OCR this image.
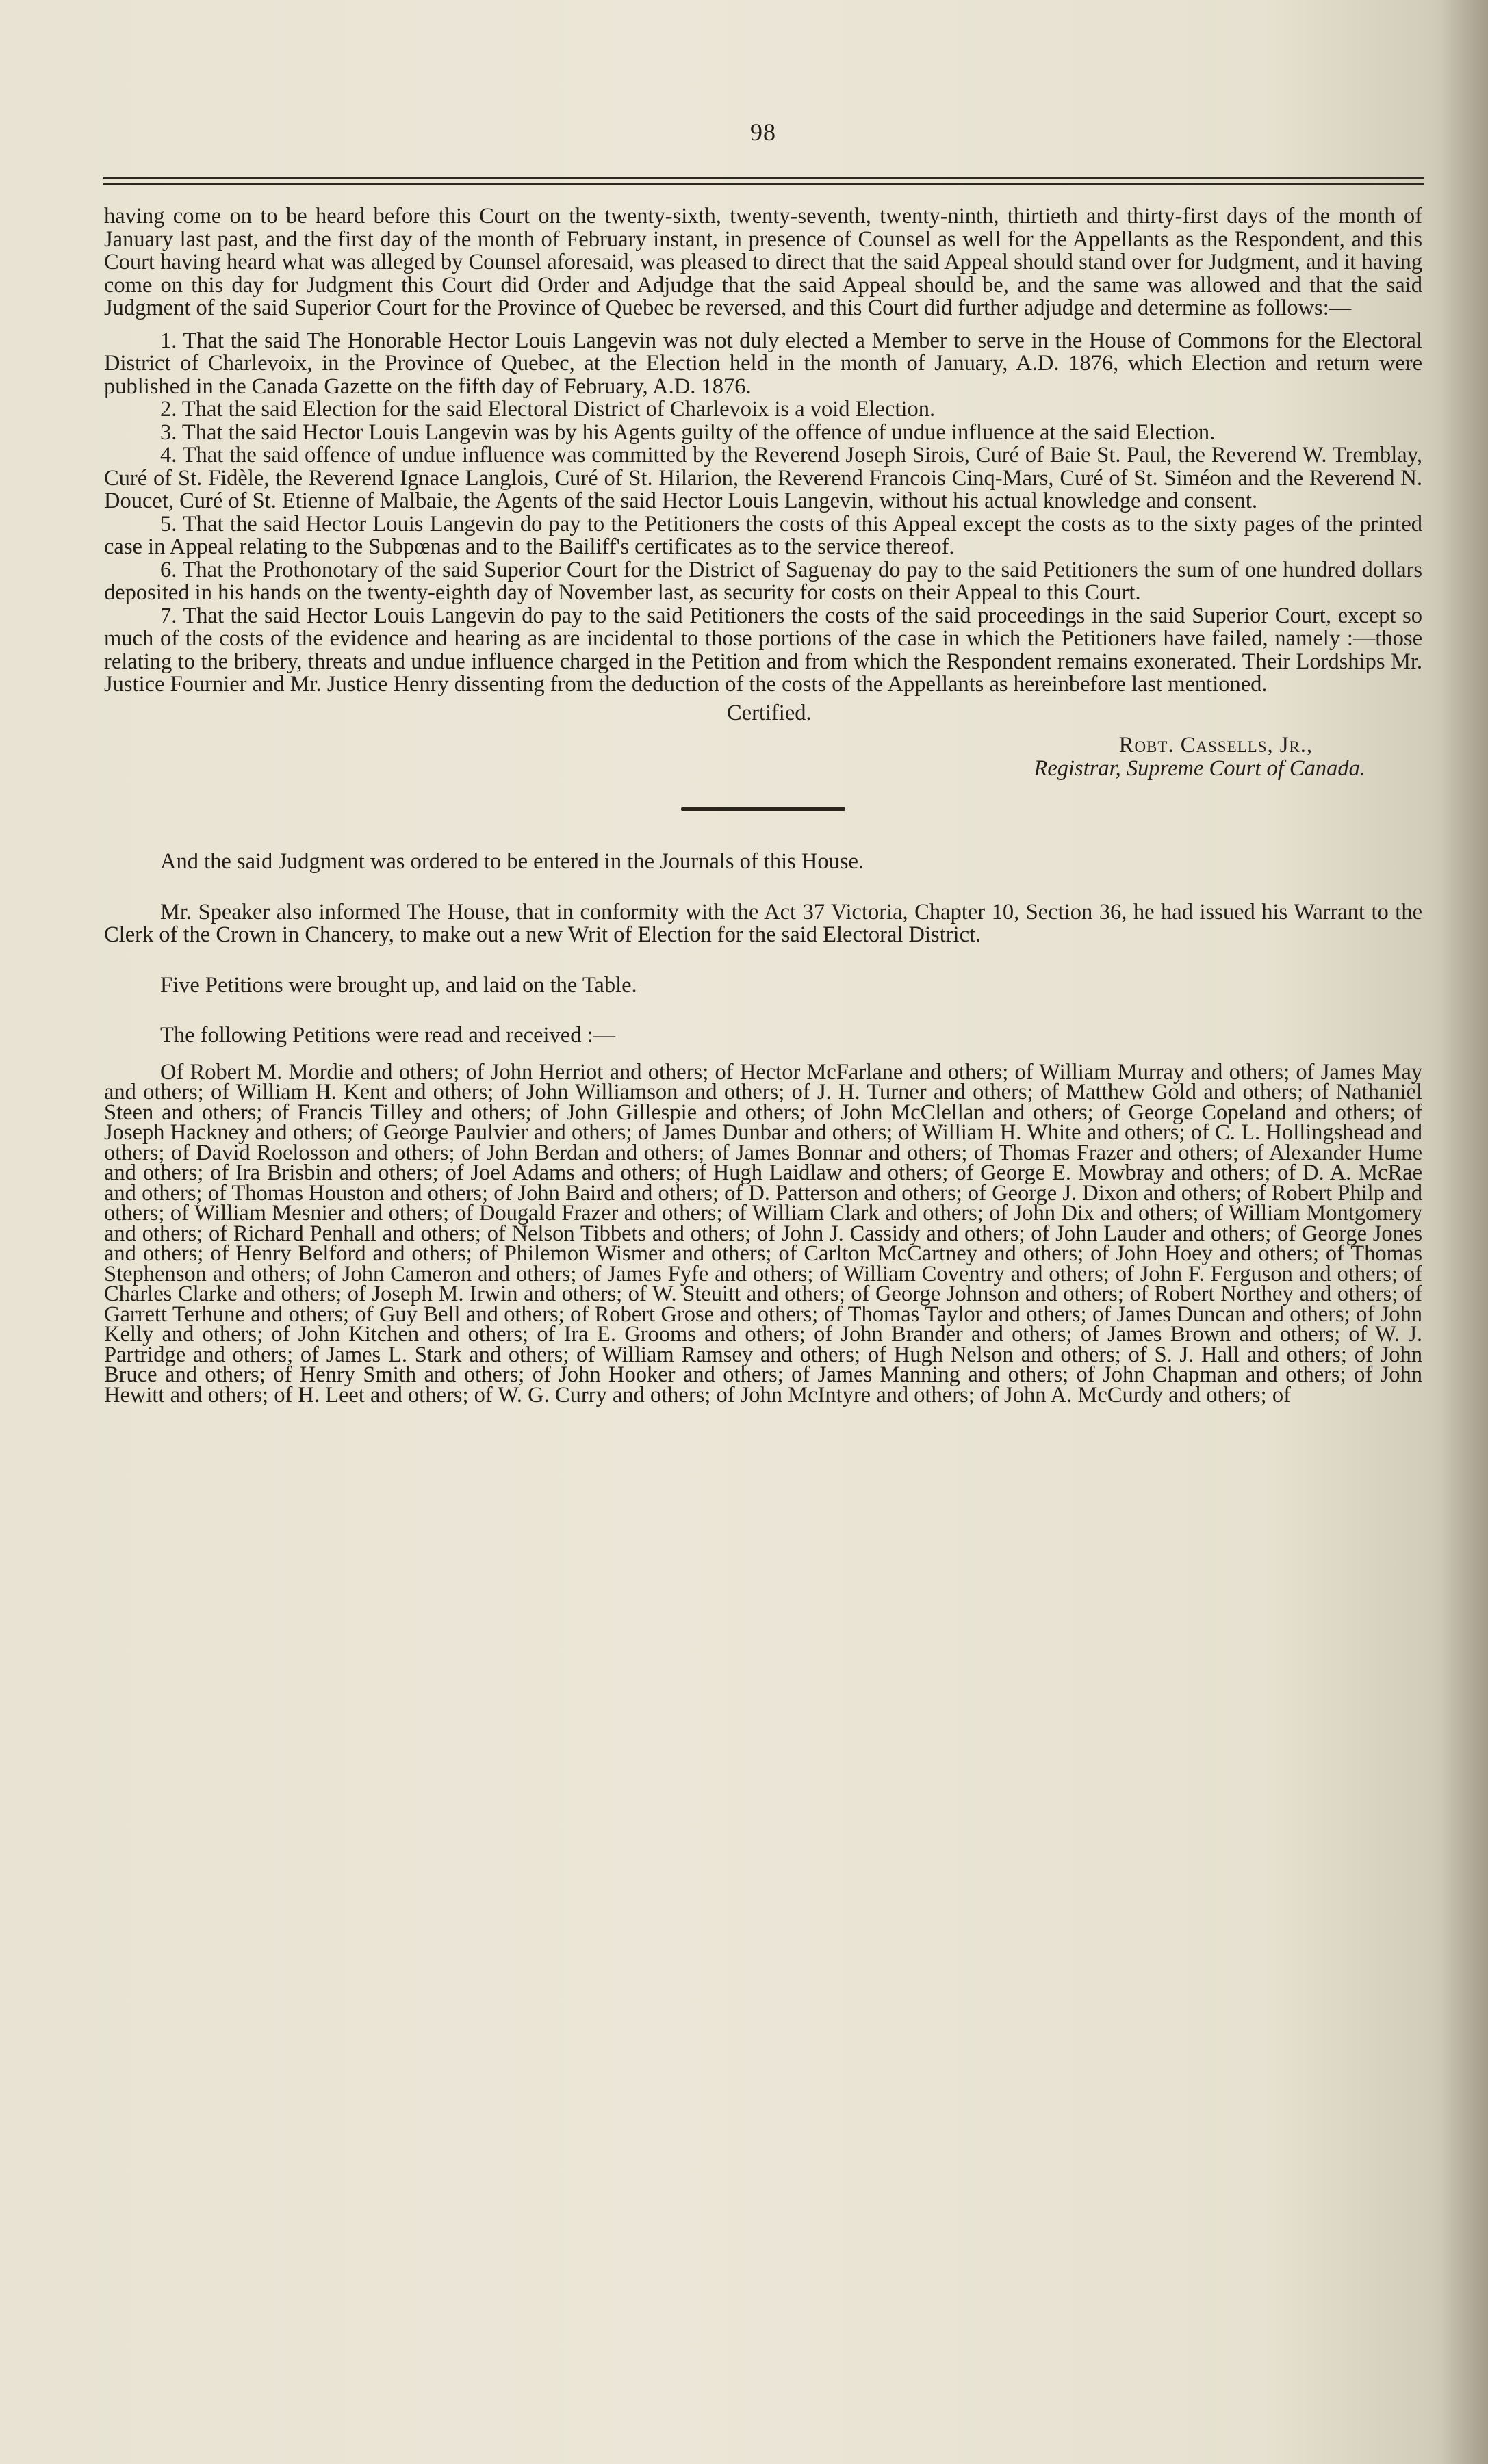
98

having come on to be heard before this Court on the twenty-sixth, twenty-seventh, twenty-ninth, thirtieth and thirty-first days of the month of January last past, and the first day of the month of February instant, in presence of Counsel as well for the Appellants as the Respondent, and this Court having heard what was alleged by Counsel aforesaid, was pleased to direct that the said Appeal should stand over for Judgment, and it having come on this day for Judgment this Court did Order and Adjudge that the said Appeal should be, and the same was allowed and that the said Judgment of the said Superior Court for the Province of Quebec be reversed, and this Court did further adjudge and determine as follows:—

1. That the said The Honorable Hector Louis Langevin was not duly elected a Member to serve in the House of Commons for the Electoral District of Charlevoix, in the Province of Quebec, at the Election held in the month of January, A.D. 1876, which Election and return were published in the Canada Gazette on the fifth day of February, A.D. 1876.

2. That the said Election for the said Electoral District of Charlevoix is a void Election.

3. That the said Hector Louis Langevin was by his Agents guilty of the offence of undue influence at the said Election.

4. That the said offence of undue influence was committed by the Reverend Joseph Sirois, Curé of Baie St. Paul, the Reverend W. Tremblay, Curé of St. Fidèle, the Reverend Ignace Langlois, Curé of St. Hilarion, the Reverend Francois Cinq-Mars, Curé of St. Siméon and the Reverend N. Doucet, Curé of St. Etienne of Malbaie, the Agents of the said Hector Louis Langevin, without his actual knowledge and consent.

5. That the said Hector Louis Langevin do pay to the Petitioners the costs of this Appeal except the costs as to the sixty pages of the printed case in Appeal relating to the Subpœnas and to the Bailiff's certificates as to the service thereof.

6. That the Prothonotary of the said Superior Court for the District of Saguenay do pay to the said Petitioners the sum of one hundred dollars deposited in his hands on the twenty-eighth day of November last, as security for costs on their Appeal to this Court.

7. That the said Hector Louis Langevin do pay to the said Petitioners the costs of the said proceedings in the said Superior Court, except so much of the costs of the evidence and hearing as are incidental to those portions of the case in which the Petitioners have failed, namely :—those relating to the bribery, threats and undue influence charged in the Petition and from which the Respondent remains exonerated. Their Lordships Mr. Justice Fournier and Mr. Justice Henry dissenting from the deduction of the costs of the Appellants as hereinbefore last mentioned.

Certified.

Robt. Cassells, Jr.,

Registrar, Supreme Court of Canada.

And the said Judgment was ordered to be entered in the Journals of this House.

Mr. Speaker also informed The House, that in conformity with the Act 37 Victoria, Chapter 10, Section 36, he had issued his Warrant to the Clerk of the Crown in Chancery, to make out a new Writ of Election for the said Electoral District.

Five Petitions were brought up, and laid on the Table.

The following Petitions were read and received :—

Of Robert M. Mordie and others; of John Herriot and others; of Hector McFarlane and others; of William Murray and others; of James May and others; of William H. Kent and others; of John Williamson and others; of J. H. Turner and others; of Matthew Gold and others; of Nathaniel Steen and others; of Francis Tilley and others; of John Gillespie and others; of John McClellan and others; of George Copeland and others; of Joseph Hackney and others; of George Paulvier and others; of James Dunbar and others; of William H. White and others; of C. L. Hollingshead and others; of David Roelosson and others; of John Berdan and others; of James Bonnar and others; of Thomas Frazer and others; of Alexander Hume and others; of Ira Brisbin and others; of Joel Adams and others; of Hugh Laidlaw and others; of George E. Mowbray and others; of D. A. McRae and others; of Thomas Houston and others; of John Baird and others; of D. Patterson and others; of George J. Dixon and others; of Robert Philp and others; of William Mesnier and others; of Dougald Frazer and others; of William Clark and others; of John Dix and others; of William Montgomery and others; of Richard Penhall and others; of Nelson Tibbets and others; of John J. Cassidy and others; of John Lauder and others; of George Jones and others; of Henry Belford and others; of Philemon Wismer and others; of Carlton McCartney and others; of John Hoey and others; of Thomas Stephenson and others; of John Cameron and others; of James Fyfe and others; of William Coventry and others; of John F. Ferguson and others; of Charles Clarke and others; of Joseph M. Irwin and others; of W. Steuitt and others; of George Johnson and others; of Robert Northey and others; of Garrett Terhune and others; of Guy Bell and others; of Robert Grose and others; of Thomas Taylor and others; of James Duncan and others; of John Kelly and others; of John Kitchen and others; of Ira E. Grooms and others; of John Brander and others; of James Brown and others; of W. J. Partridge and others; of James L. Stark and others; of William Ramsey and others; of Hugh Nelson and others; of S. J. Hall and others; of John Bruce and others; of Henry Smith and others; of John Hooker and others; of James Manning and others; of John Chapman and others; of John Hewitt and others; of H. Leet and others; of W. G. Curry and others; of John McIntyre and others; of John A. McCurdy and others; of
